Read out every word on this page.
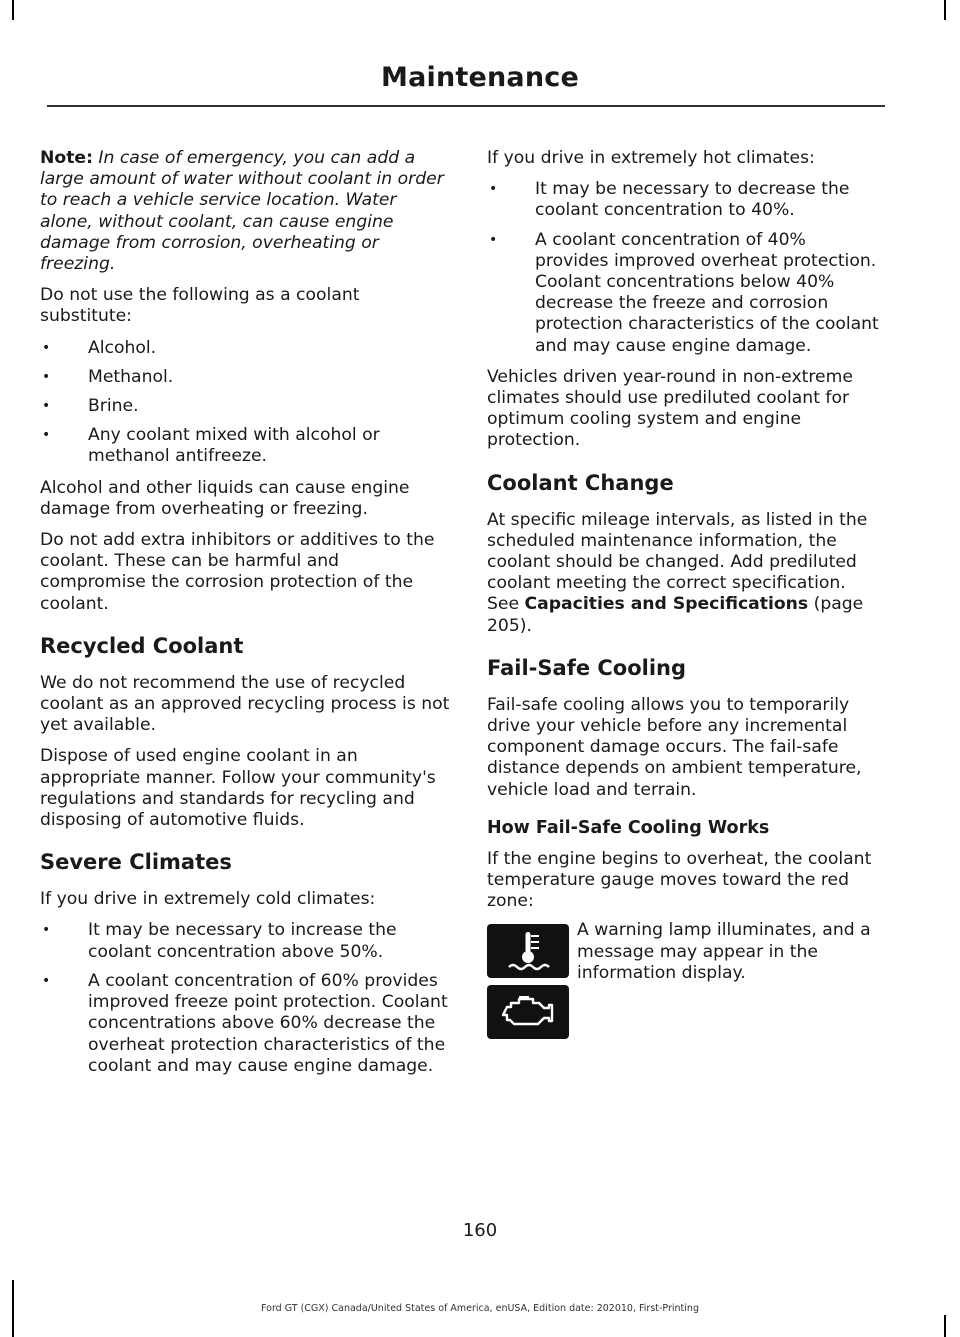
Maintenance

Note: In case of emergency, you can add a large amount of water without coolant in order to reach a vehicle service location. Water alone, without coolant, can cause engine damage from corrosion, overheating or freezing.

Do not use the following as a coolant substitute:

• Alcohol.
• Methanol.
• Brine.
• Any coolant mixed with alcohol or methanol antifreeze.

Alcohol and other liquids can cause engine damage from overheating or freezing.

Do not add extra inhibitors or additives to the coolant. These can be harmful and compromise the corrosion protection of the coolant.

Recycled Coolant

We do not recommend the use of recycled coolant as an approved recycling process is not yet available.

Dispose of used engine coolant in an appropriate manner. Follow your community's regulations and standards for recycling and disposing of automotive fluids.

Severe Climates

If you drive in extremely cold climates:

• It may be necessary to increase the coolant concentration above 50%.
• A coolant concentration of 60% provides improved freeze point protection. Coolant concentrations above 60% decrease the overheat protection characteristics of the coolant and may cause engine damage.

If you drive in extremely hot climates:

• It may be necessary to decrease the coolant concentration to 40%.
• A coolant concentration of 40% provides improved overheat protection. Coolant concentrations below 40% decrease the freeze and corrosion protection characteristics of the coolant and may cause engine damage.

Vehicles driven year-round in non-extreme climates should use prediluted coolant for optimum cooling system and engine protection.

Coolant Change

At specific mileage intervals, as listed in the scheduled maintenance information, the coolant should be changed. Add prediluted coolant meeting the correct specification. See Capacities and Specifications (page 205).

Fail-Safe Cooling

Fail-safe cooling allows you to temporarily drive your vehicle before any incremental component damage occurs. The fail-safe distance depends on ambient temperature, vehicle load and terrain.

How Fail-Safe Cooling Works

If the engine begins to overheat, the coolant temperature gauge moves toward the red zone:

A warning lamp illuminates, and a message may appear in the information display.
160
Ford GT (CGX) Canada/United States of America, enUSA, Edition date: 202010, First-Printing
